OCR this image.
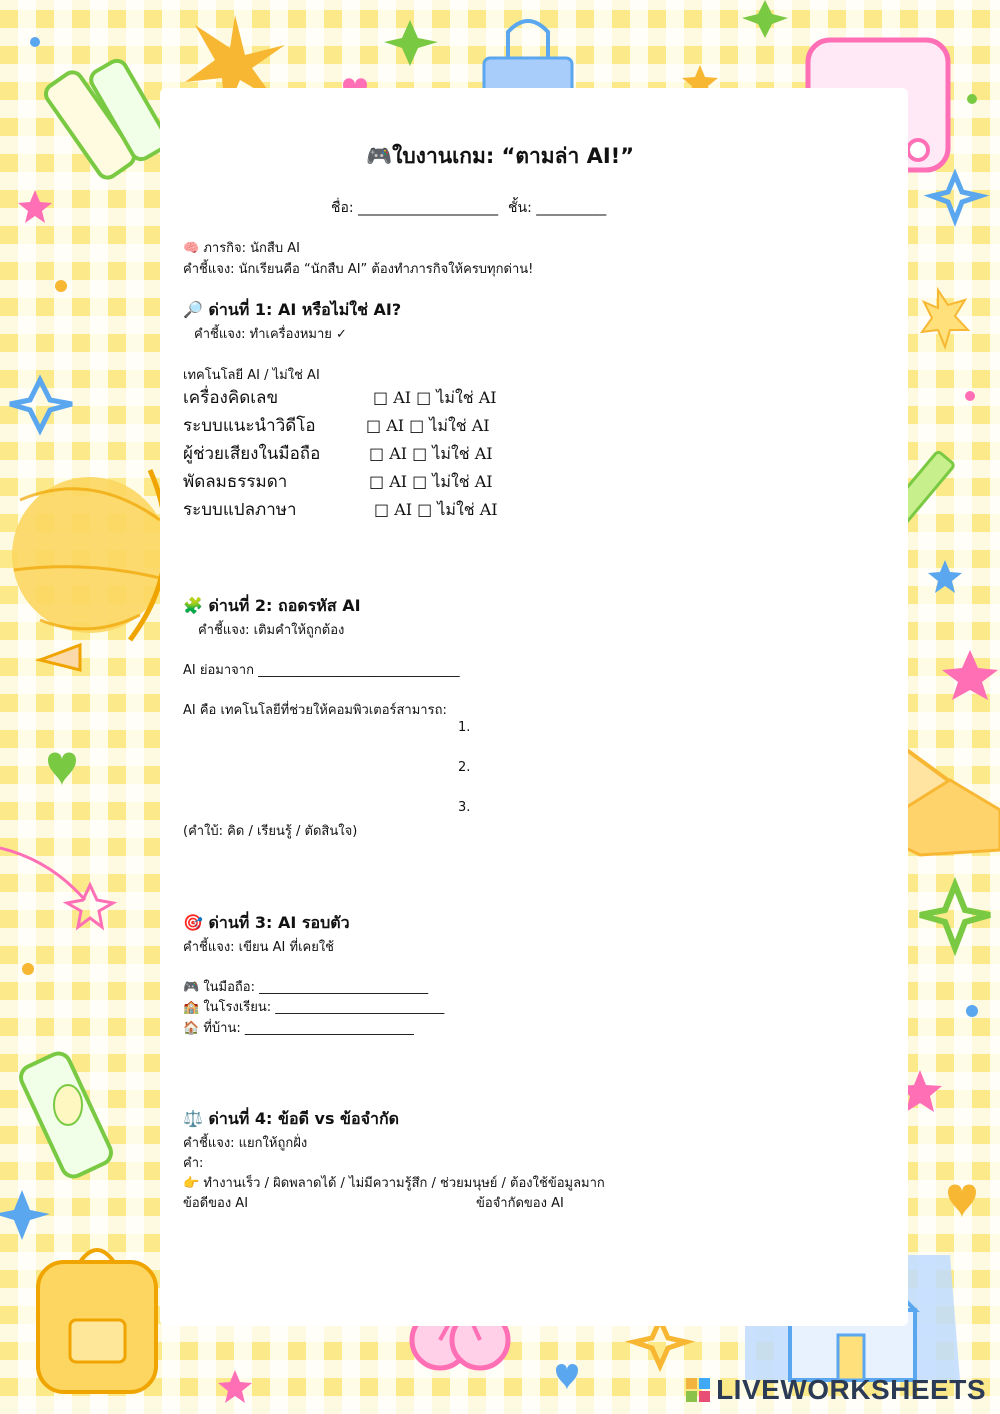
🎮ใบงานเกม: “ตามล่า AI!”
ชื่อ: ____________________ ชั้น: __________
🧠 ภารกิจ: นักสืบ AI
คำชี้แจง: นักเรียนคือ “นักสืบ AI” ต้องทำภารกิจให้ครบทุกด่าน!
🔎 ด่านที่ 1: AI หรือไม่ใช่ AI?
คำชี้แจง: ทำเครื่องหมาย ✓
เทคโนโลยี AI / ไม่ใช่ AI
เครื่องคิดเลข	□ AI □ ไม่ใช่ AI
ระบบแนะนำวิดีโอ	□ AI □ ไม่ใช่ AI
ผู้ช่วยเสียงในมือถือ	□ AI □ ไม่ใช่ AI
พัดลมธรรมดา	□ AI □ ไม่ใช่ AI
ระบบแปลภาษา	□ AI □ ไม่ใช่ AI
🧩 ด่านที่ 2: ถอดรหัส AI
คำชี้แจง: เติมคำให้ถูกต้อง
AI ย่อมาจาก _______________________________
AI คือ เทคโนโลยีที่ช่วยให้คอมพิวเตอร์สามารถ:
1.
2.
3.
(คำใบ้: คิด / เรียนรู้ / ตัดสินใจ)
🎯 ด่านที่ 3: AI รอบตัว
คำชี้แจง: เขียน AI ที่เคยใช้
🎮 ในมือถือ: __________________________
🏫 ในโรงเรียน: __________________________
🏠 ที่บ้าน: __________________________
⚖️ ด่านที่ 4: ข้อดี vs ข้อจำกัด
คำชี้แจง: แยกให้ถูกฝั่ง
คำ:
👉 ทำงานเร็ว / ผิดพลาดได้ / ไม่มีความรู้สึก / ช่วยมนุษย์ / ต้องใช้ข้อมูลมาก
ข้อดีของ AI	ข้อจำกัดของ AI
LIVEWORKSHEETS
